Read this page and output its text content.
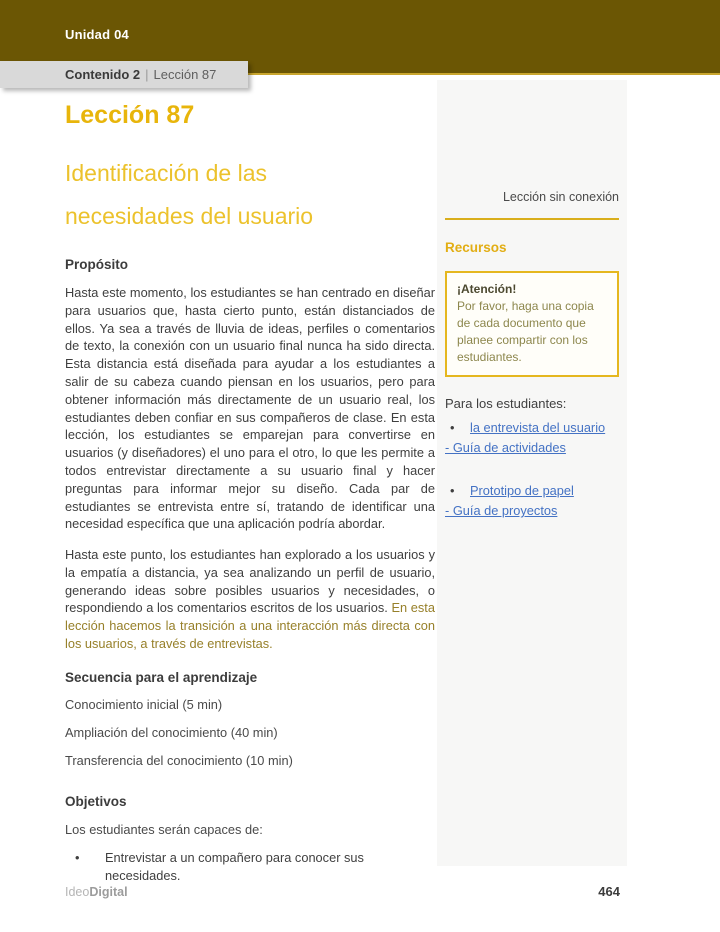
Unidad 04
Contenido 2 | Lección 87
Lección 87
Identificación de las
necesidades del usuario
Propósito

Hasta este momento, los estudiantes se han centrado en diseñar para usuarios que, hasta cierto punto, están distanciados de ellos. Ya sea a través de lluvia de ideas, perfiles o comentarios de texto, la conexión con un usuario final nunca ha sido directa. Esta distancia está diseñada para ayudar a los estudiantes a salir de su cabeza cuando piensan en los usuarios, pero para obtener información más directamente de un usuario real, los estudiantes deben confiar en sus compañeros de clase. En esta lección, los estudiantes se emparejan para convertirse en usuarios (y diseñadores) el uno para el otro, lo que les permite a todos entrevistar directamente a su usuario final y hacer preguntas para informar mejor su diseño. Cada par de estudiantes se entrevista entre sí, tratando de identificar una necesidad específica que una aplicación podría abordar.

Hasta este punto, los estudiantes han explorado a los usuarios y la empatía a distancia, ya sea analizando un perfil de usuario, generando ideas sobre posibles usuarios y necesidades, o respondiendo a los comentarios escritos de los usuarios. En esta lección hacemos la transición a una interacción más directa con los usuarios, a través de entrevistas.

Secuencia para el aprendizaje
Conocimiento inicial (5 min)
Ampliación del conocimiento (40 min)
Transferencia del conocimiento (10 min)
Objetivos
Los estudiantes serán capaces de:
•	Entrevistar a un compañero para conocer sus necesidades.
Lección sin conexión
Recursos
¡Atención!
Por favor, haga una copia de cada documento que planee compartir con los estudiantes.
Para los estudiantes:
•	la entrevista del usuario
- Guía de actividades
•	Prototipo de papel
- Guía de proyectos
IdeoDigital	464
